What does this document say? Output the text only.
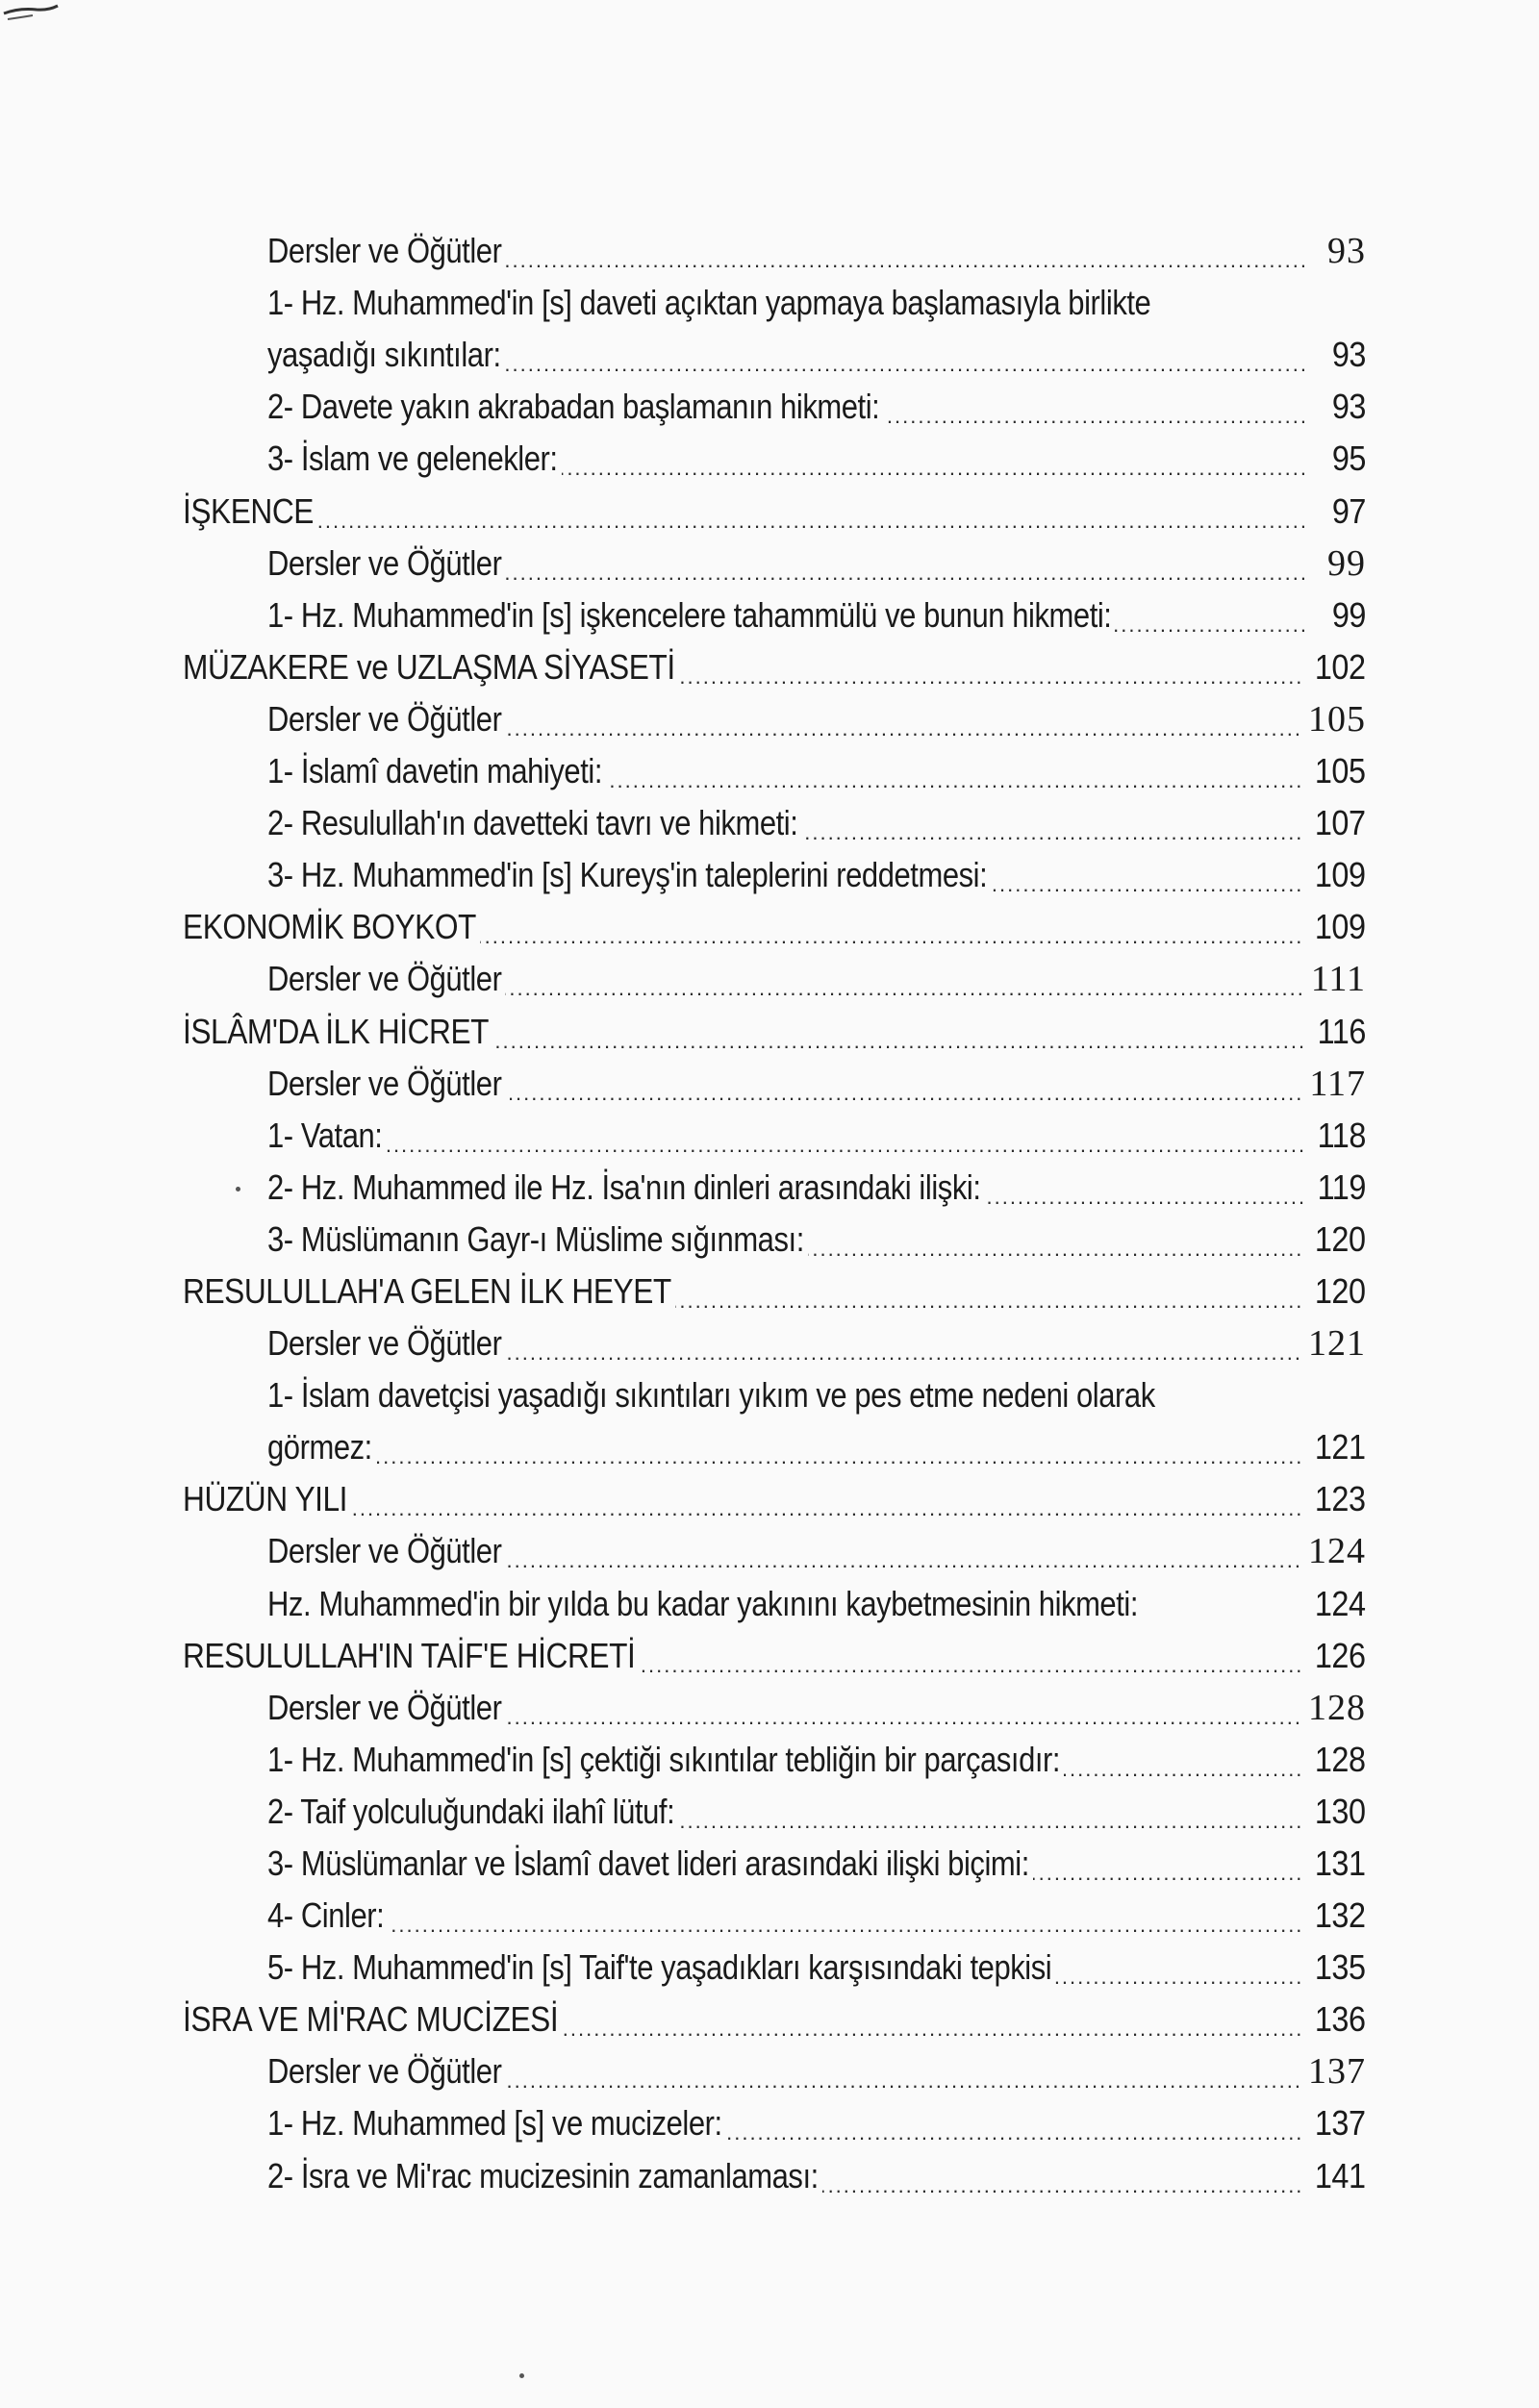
Dersler ve Öğütler .....	93
1- Hz. Muhammed'in [s] daveti açıktan yapmaya başlamasıyla birlikte
yaşadığı sıkıntılar: .....	93
2- Davete yakın akrabadan başlamanın hikmeti: .....	93
3- İslam ve gelenekler: .....	95
İŞKENCE .....	97
Dersler ve Öğütler .....	99
1- Hz. Muhammed'in [s] işkencelere tahammülü ve bunun hikmeti: .....	99
MÜZAKERE ve UZLAŞMA SİYASETİ .....	102
Dersler ve Öğütler .....	105
1- İslamî davetin mahiyeti: .....	105
2- Resulullah'ın davetteki tavrı ve hikmeti: .....	107
3- Hz. Muhammed'in [s] Kureyş'in taleplerini reddetmesi: .....	109
EKONOMİK BOYKOT .....	109
Dersler ve Öğütler .....	111
İSLÂM'DA İLK HİCRET .....	116
Dersler ve Öğütler .....	117
1- Vatan: .....	118
2- Hz. Muhammed ile Hz. İsa'nın dinleri arasındaki ilişki: .....	119
3- Müslümanın Gayr-ı Müslime sığınması: .....	120
RESULULLAH'A GELEN İLK HEYET .....	120
Dersler ve Öğütler .....	121
1- İslam davetçisi yaşadığı sıkıntıları yıkım ve pes etme nedeni olarak
görmez: .....	121
HÜZÜN YILI .....	123
Dersler ve Öğütler .....	124
Hz. Muhammed'in bir yılda bu kadar yakınını kaybetmesinin hikmeti:	124
RESULULLAH'IN TAİF'E HİCRETİ .....	126
Dersler ve Öğütler .....	128
1- Hz. Muhammed'in [s] çektiği sıkıntılar tebliğin bir parçasıdır: .....	128
2- Taif yolculuğundaki ilahî lütuf: .....	130
3- Müslümanlar ve İslamî davet lideri arasındaki ilişki biçimi: .....	131
4- Cinler: .....	132
5- Hz. Muhammed'in [s] Taif'te yaşadıkları karşısındaki tepkisi .....	135
İSRA VE Mİ'RAC MUCİZESİ .....	136
Dersler ve Öğütler .....	137
1- Hz. Muhammed [s] ve mucizeler: .....	137
2- İsra ve Mi'rac mucizesinin zamanlaması: .....	141
